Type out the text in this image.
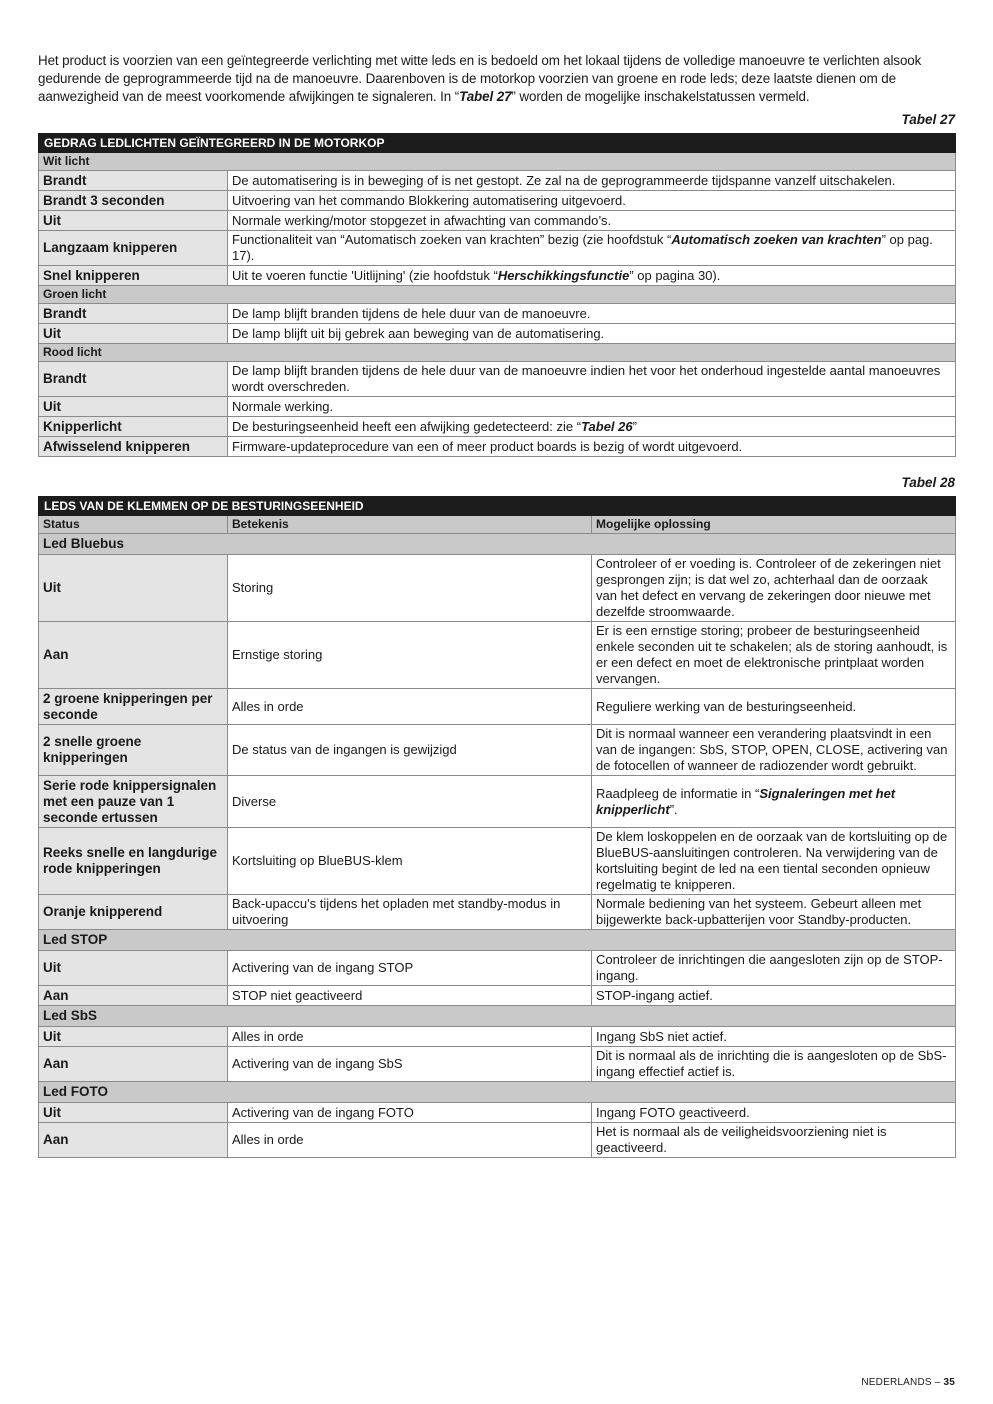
Het product is voorzien van een geïntegreerde verlichting met witte leds en is bedoeld om het lokaal tijdens de volledige manoeuvre te verlichten alsook gedurende de geprogrammeerde tijd na de manoeuvre. Daarenboven is de motorkop voorzien van groene en rode leds; deze laatste dienen om de aanwezigheid van de meest voorkomende afwijkingen te signaleren. In “Tabel 27” worden de mogelijke inschakelstatussen vermeld.
Tabel 27
GEDRAG LEDLICHTEN GEÏNTEGREERD IN DE MOTORKOP	
Wit licht	
Brandt	De automatisering is in beweging of is net gestopt. Ze zal na de geprogrammeerde tijdspanne vanzelf uitschakelen.
Brandt 3 seconden	Uitvoering van het commando Blokkering automatisering uitgevoerd.
Uit	Normale werking/motor stopgezet in afwachting van commando’s.
Langzaam knipperen	Functionaliteit van “Automatisch zoeken van krachten” bezig (zie hoofdstuk “Automatisch zoeken van krachten” op pag. 17).
Snel knipperen	Uit te voeren functie 'Uitlijning' (zie hoofdstuk “Herschikkingsfunctie” op pagina 30).
Groen licht	
Brandt	De lamp blijft branden tijdens de hele duur van de manoeuvre.
Uit	De lamp blijft uit bij gebrek aan beweging van de automatisering.
Rood licht	
Brandt	De lamp blijft branden tijdens de hele duur van de manoeuvre indien het voor het onderhoud ingestelde aantal manoeuvres wordt overschreden.
Uit	Normale werking.
Knipperlicht	De besturingseenheid heeft een afwijking gedetecteerd: zie “Tabel 26”
Afwisselend knipperen	Firmware-updateprocedure van een of meer product boards is bezig of wordt uitgevoerd.
Tabel 28
LEDS VAN DE KLEMMEN OP DE BESTURINGSEENHEID		
Status	Betekenis	Mogelijke oplossing
Led Bluebus		
Uit	Storing	Controleer of er voeding is. Controleer of de zekeringen niet gesprongen zijn; is dat wel zo, achterhaal dan de oorzaak van het defect en vervang de zekeringen door nieuwe met dezelfde stroomwaarde.
Aan	Ernstige storing	Er is een ernstige storing; probeer de besturingseenheid enkele seconden uit te schakelen; als de storing aanhoudt, is er een defect en moet de elektronische printplaat worden vervangen.
2 groene knipperingen per seconde	Alles in orde	Reguliere werking van de besturingseenheid.
2 snelle groene knipperingen	De status van de ingangen is gewijzigd	Dit is normaal wanneer een verandering plaatsvindt in een van de ingangen: SbS, STOP, OPEN, CLOSE, activering van de fotocellen of wanneer de radiozender wordt gebruikt.
Serie rode knippersignalen met een pauze van 1 seconde ertussen	Diverse	Raadpleeg de informatie in “Signaleringen met het knipperlicht”.
Reeks snelle en langdurige rode knipperingen	Kortsluiting op BlueBUS-klem	De klem loskoppelen en de oorzaak van de kortsluiting op de BlueBUS-aansluitingen controleren. Na verwijdering van de kortsluiting begint de led na een tiental seconden opnieuw regelmatig te knipperen.
Oranje knipperend	Back-upaccu's tijdens het opladen met standby-modus in uitvoering	Normale bediening van het systeem. Gebeurt alleen met bijgewerkte back-upbatterijen voor Standby-producten.
Led STOP		
Uit	Activering van de ingang STOP	Controleer de inrichtingen die aangesloten zijn op de STOP-ingang.
Aan	STOP niet geactiveerd	STOP-ingang actief.
Led SbS		
Uit	Alles in orde	Ingang SbS niet actief.
Aan	Activering van de ingang SbS	Dit is normaal als de inrichting die is aangesloten op de SbS-ingang effectief actief is.
Led FOTO		
Uit	Activering van de ingang FOTO	Ingang FOTO geactiveerd.
Aan	Alles in orde	Het is normaal als de veiligheidsvoorziening niet is geactiveerd.
NEDERLANDS – 35
